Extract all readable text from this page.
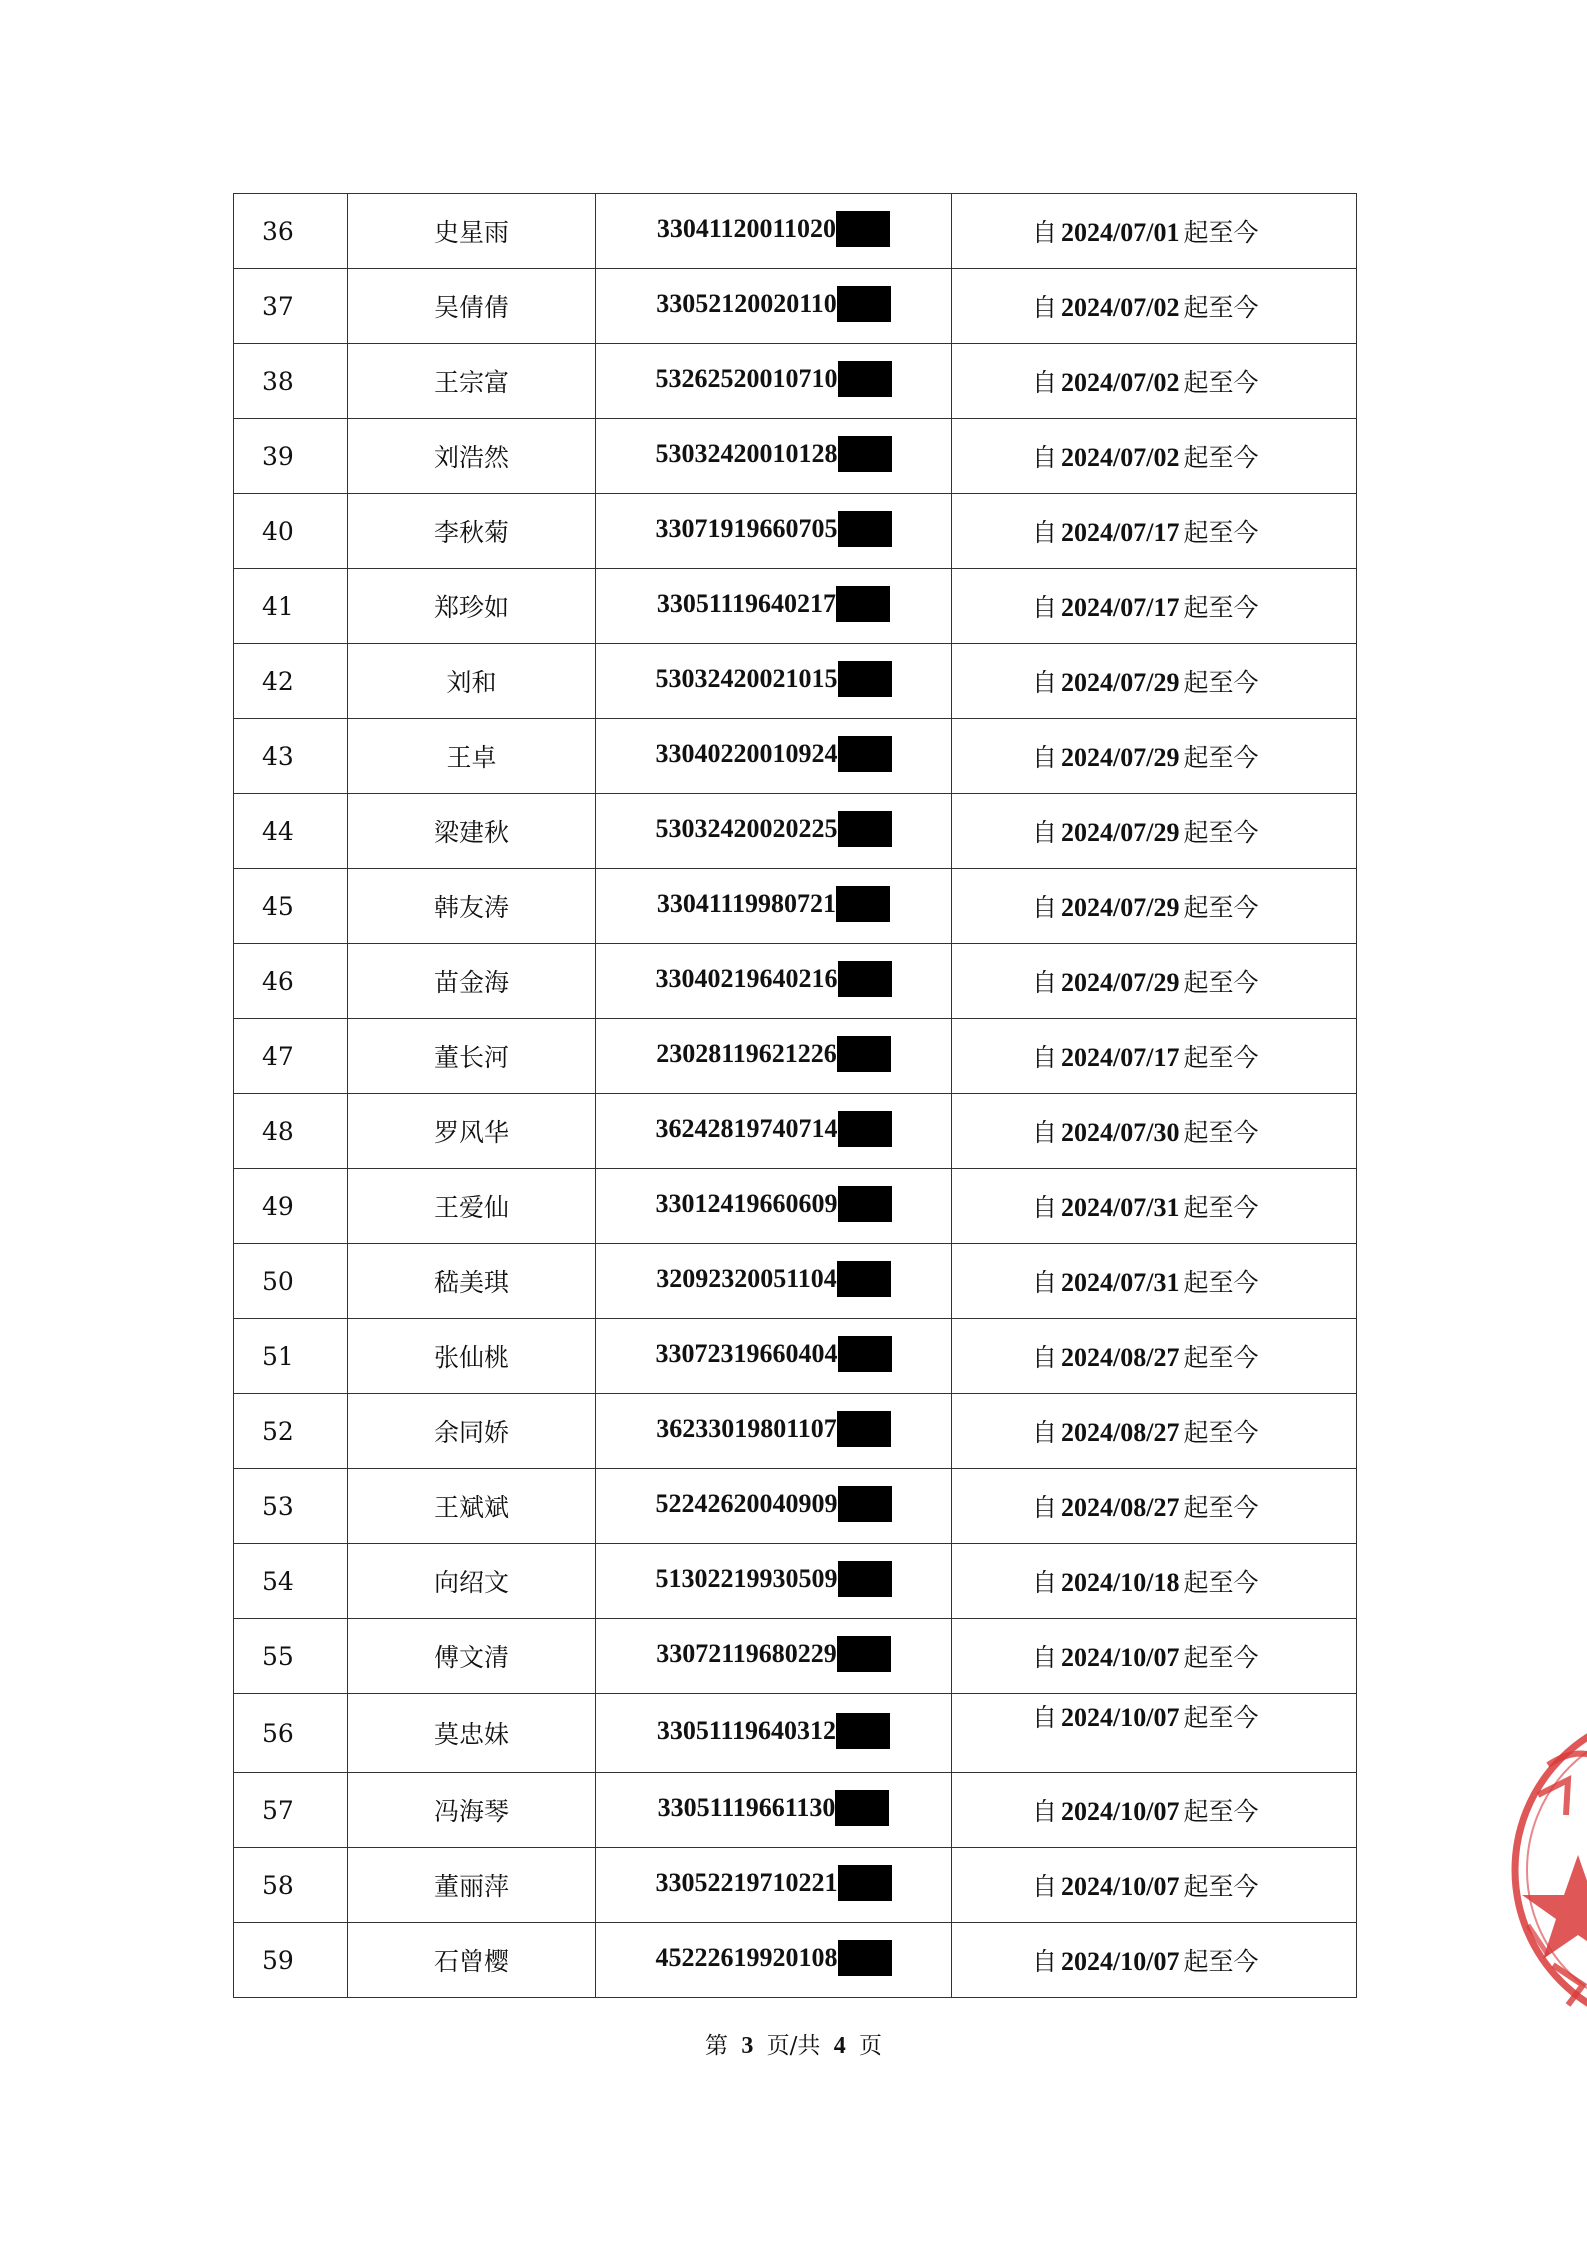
36	史星雨	33041120011020	自 2024/07/01 起至今
37	吴倩倩	33052120020110	自 2024/07/02 起至今
38	王宗富	53262520010710	自 2024/07/02 起至今
39	刘浩然	53032420010128	自 2024/07/02 起至今
40	李秋菊	33071919660705	自 2024/07/17 起至今
41	郑珍如	33051119640217	自 2024/07/17 起至今
42	刘和	53032420021015	自 2024/07/29 起至今
43	王卓	33040220010924	自 2024/07/29 起至今
44	梁建秋	53032420020225	自 2024/07/29 起至今
45	韩友涛	33041119980721	自 2024/07/29 起至今
46	苗金海	33040219640216	自 2024/07/29 起至今
47	董长河	23028119621226	自 2024/07/17 起至今
48	罗风华	36242819740714	自 2024/07/30 起至今
49	王爱仙	33012419660609	自 2024/07/31 起至今
50	嵇美琪	32092320051104	自 2024/07/31 起至今
51	张仙桃	33072319660404	自 2024/08/27 起至今
52	余同娇	36233019801107	自 2024/08/27 起至今
53	王斌斌	52242620040909	自 2024/08/27 起至今
54	向绍文	51302219930509	自 2024/10/18 起至今
55	傅文清	33072119680229	自 2024/10/07 起至今
56	莫忠妹	33051119640312	自 2024/10/07 起至今
57	冯海琴	33051119661130	自 2024/10/07 起至今
58	董丽萍	33052219710221	自 2024/10/07 起至今
59	石曾樱	45222619920108	自 2024/10/07 起至今
第 3 页/共 4 页
